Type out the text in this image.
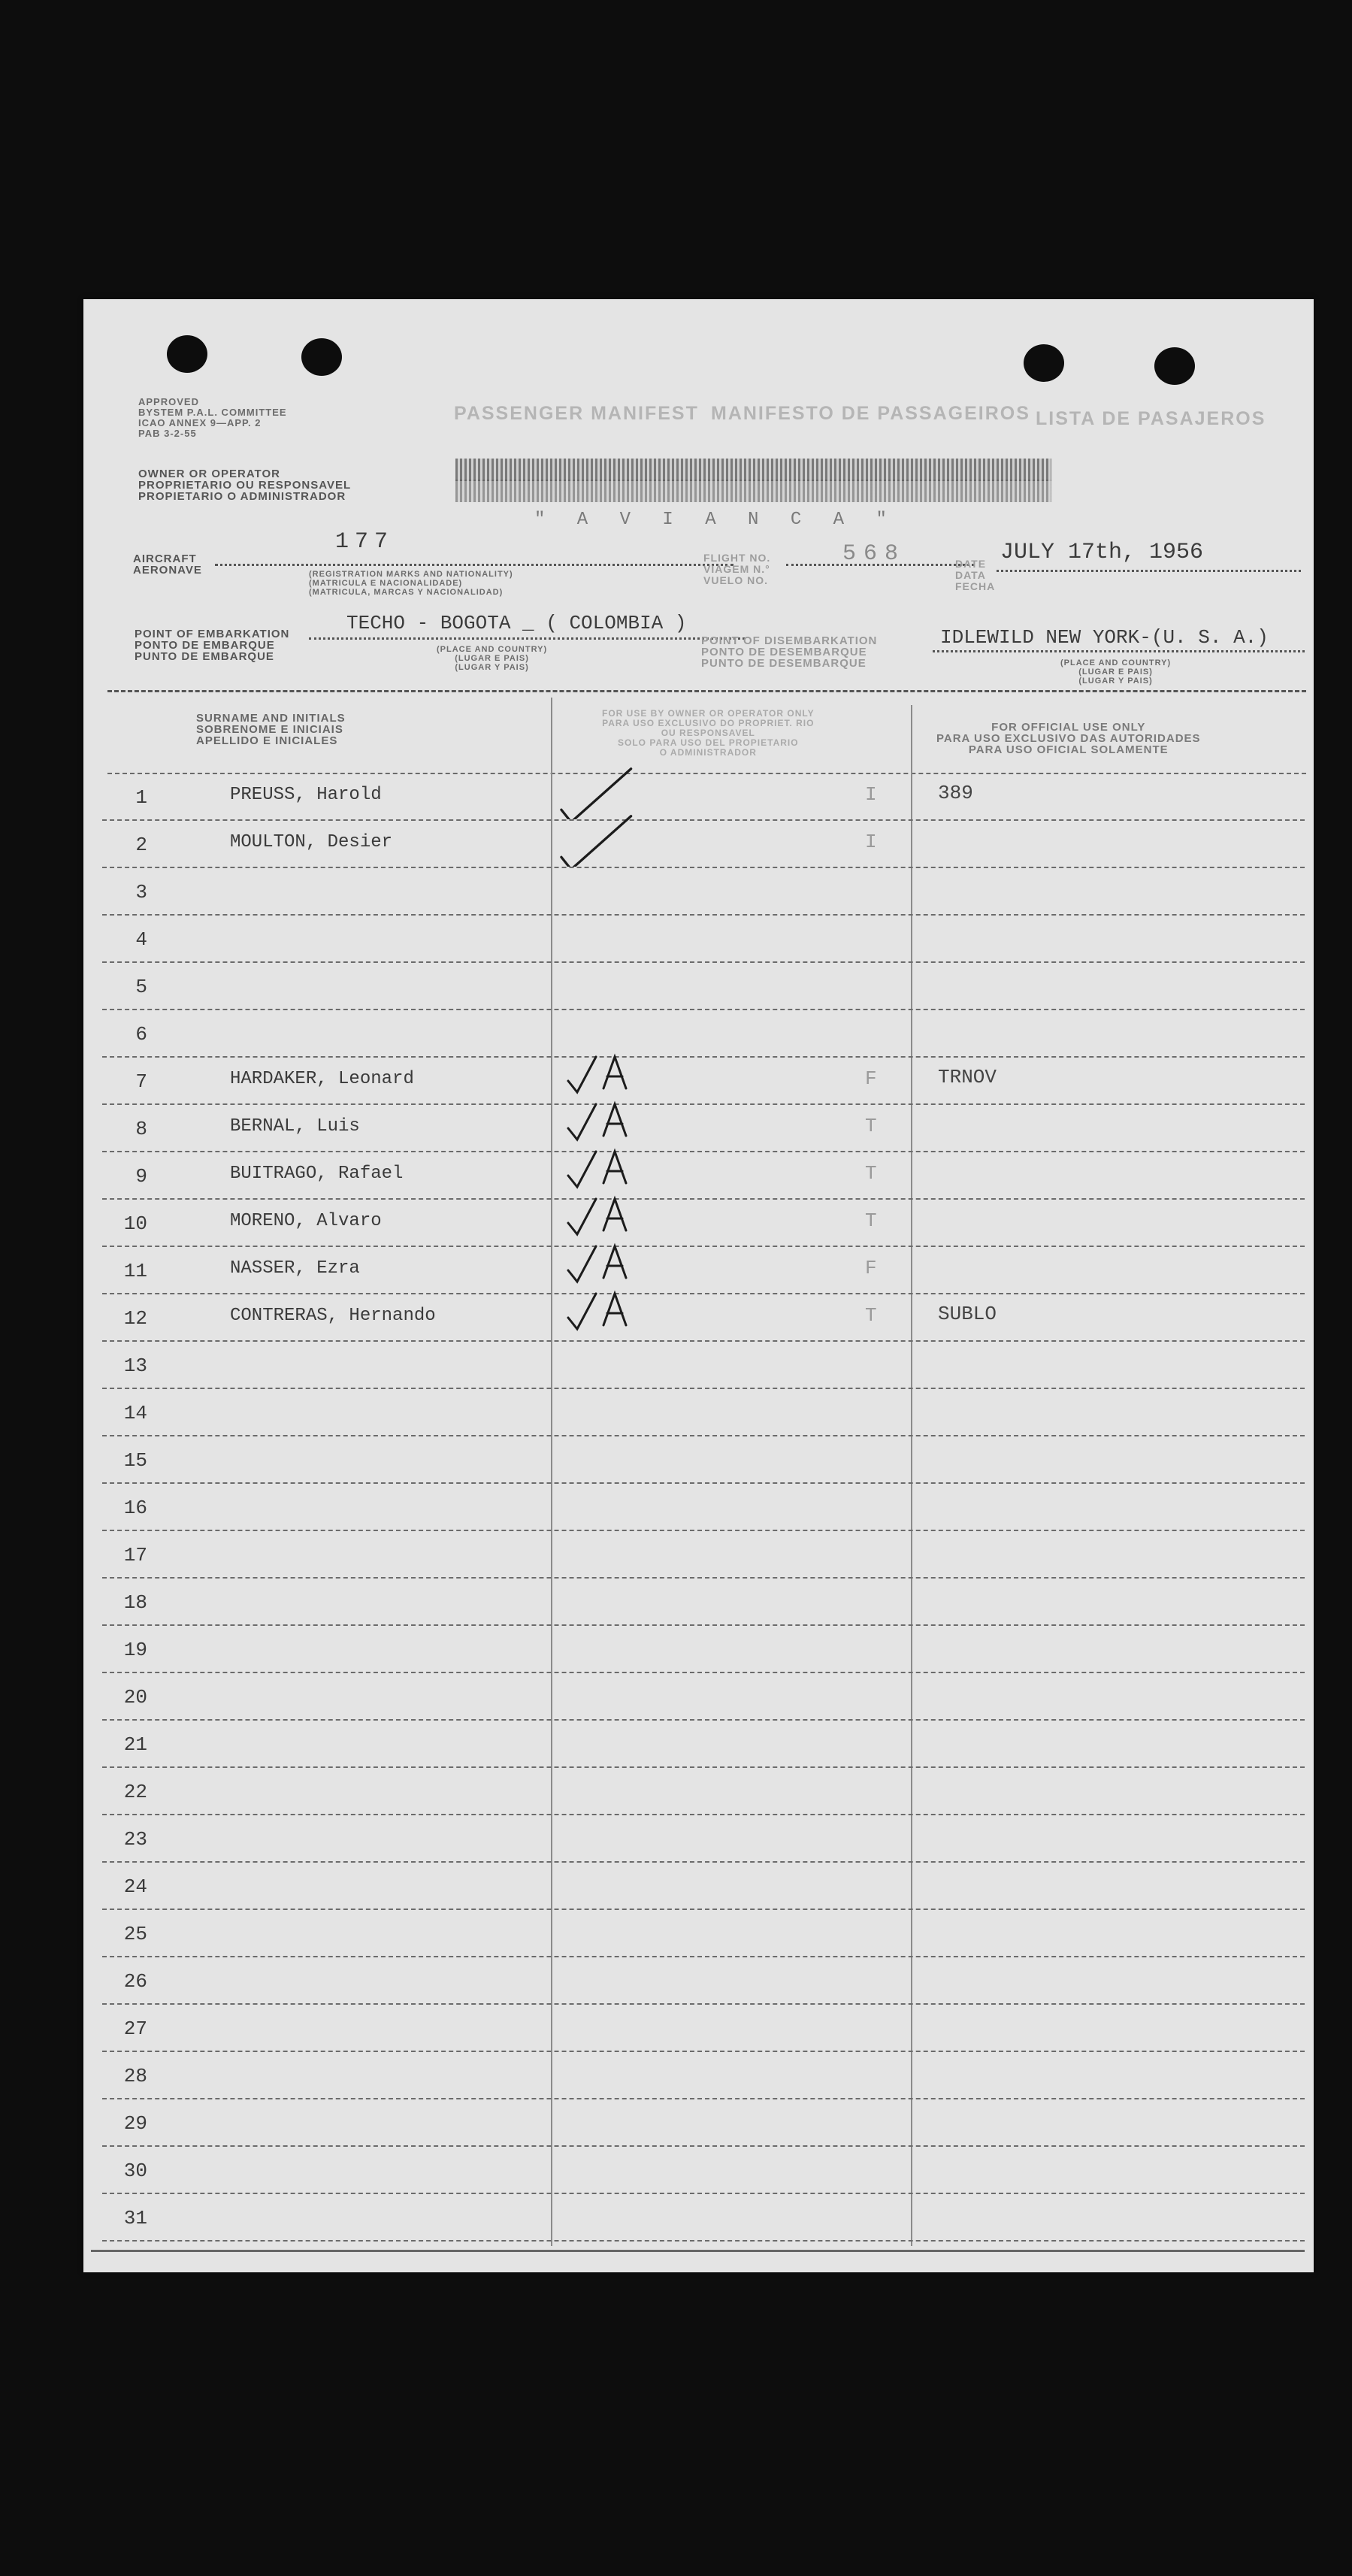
APPROVED
BYSTEM P.A.L. COMMITTEE
ICAO ANNEX 9—APP. 2
PAB 3-2-55
PASSENGER MANIFEST MANIFESTO DE PASSAGEIROS LISTA DE PASAJEROS
OWNER OR OPERATOR
PROPRIETARIO OU RESPONSAVEL
PROPIETARIO O ADMINISTRADOR
" A V I A N C A "
AIRCRAFT
AERONAVE
177
(REGISTRATION MARKS AND NATIONALITY)
(MATRICULA E NACIONALIDADE)
(MATRICULA, MARCAS Y NACIONALIDAD)
FLIGHT NO.
VIAGEM N.°
VUELO NO.
568	DATE
DATA
FECHA
JULY 17th, 1956
POINT OF EMBARKATION
PONTO DE EMBARQUE
PUNTO DE EMBARQUE
TECHO - BOGOTA _ ( COLOMBIA )
(PLACE AND COUNTRY)
(LUGAR E PAIS)
(LUGAR Y PAIS)
POINT OF DISEMBARKATION
PONTO DE DESEMBARQUE
PUNTO DE DESEMBARQUE
IDLEWILD NEW YORK-(U. S. A.)
(PLACE AND COUNTRY)
(LUGAR E PAIS)
(LUGAR Y PAIS)
SURNAME AND INITIALS
SOBRENOME E INICIAIS
APELLIDO E INICIALES
FOR USE BY OWNER OR OPERATOR ONLY
PARA USO EXCLUSIVO DO PROPRIET. RIO
OU RESPONSAVEL
SOLO PARA USO DEL PROPIETARIO
O ADMINISTRADOR
FOR OFFICIAL USE ONLY
PARA USO EXCLUSIVO DAS AUTORIDADES
PARA USO OFICIAL SOLAMENTE
1	PREUSS, Harold	I	389
2	MOULTON, Desier	I
3
4
5
6
7	HARDAKER, Leonard	F	TRNOV
8	BERNAL, Luis	T
9	BUITRAGO, Rafael	T
10	MORENO, Alvaro	T
11	NASSER, Ezra	F
12	CONTRERAS, Hernando	T	SUBLO
13
14
15
16
17
18
19
20
21
22
23
24
25
26
27
28
29
30
31
